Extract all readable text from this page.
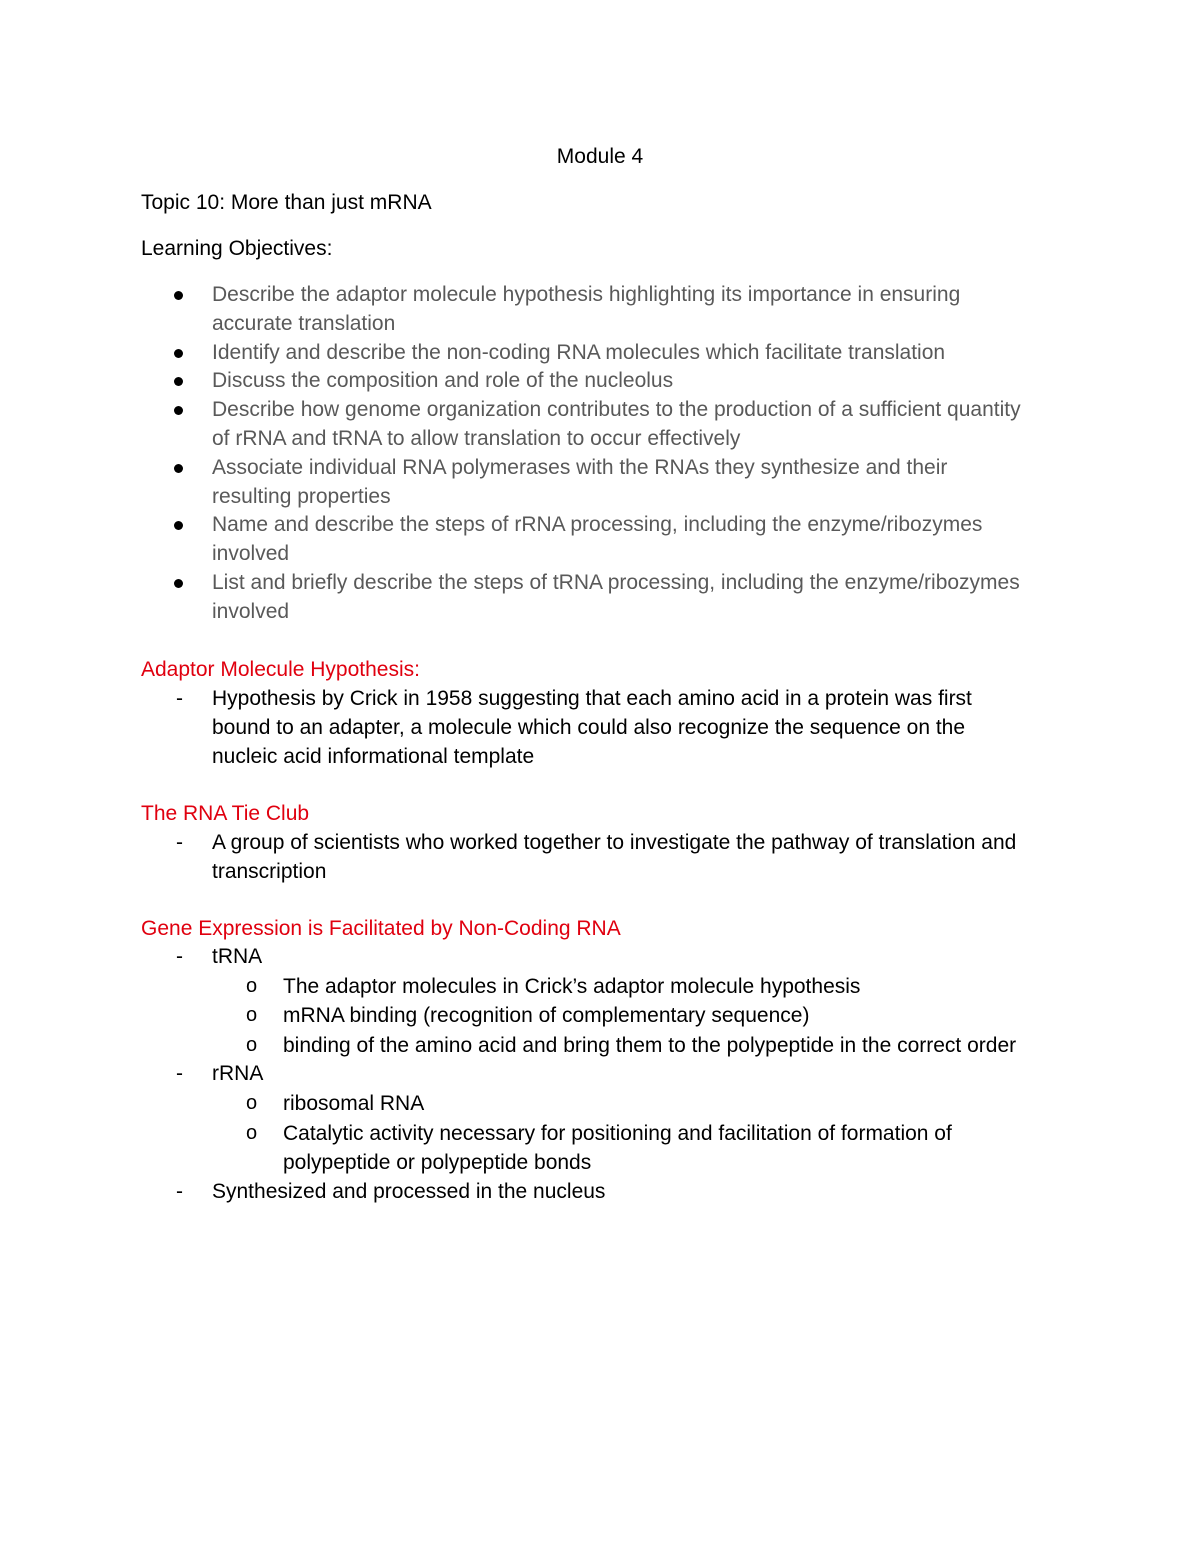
Module 4
Topic 10: More than just mRNA
Learning Objectives:
Describe the adaptor molecule hypothesis highlighting its importance in ensuring accurate translation
Identify and describe the non-coding RNA molecules which facilitate translation
Discuss the composition and role of the nucleolus
Describe how genome organization contributes to the production of a sufficient quantity of rRNA and tRNA to allow translation to occur effectively
Associate individual RNA polymerases with the RNAs they synthesize and their resulting properties
Name and describe the steps of rRNA processing, including the enzyme/ribozymes involved
List and briefly describe the steps of tRNA processing, including the enzyme/ribozymes involved
Adaptor Molecule Hypothesis:
- Hypothesis by Crick in 1958 suggesting that each amino acid in a protein was first bound to an adapter, a molecule which could also recognize the sequence on the nucleic acid informational template
The RNA Tie Club
- A group of scientists who worked together to investigate the pathway of translation and transcription
Gene Expression is Facilitated by Non-Coding RNA
- tRNA
o The adaptor molecules in Crick’s adaptor molecule hypothesis
o mRNA binding (recognition of complementary sequence)
o binding of the amino acid and bring them to the polypeptide in the correct order
- rRNA
o ribosomal RNA
o Catalytic activity necessary for positioning and facilitation of formation of polypeptide or polypeptide bonds
- Synthesized and processed in the nucleus
